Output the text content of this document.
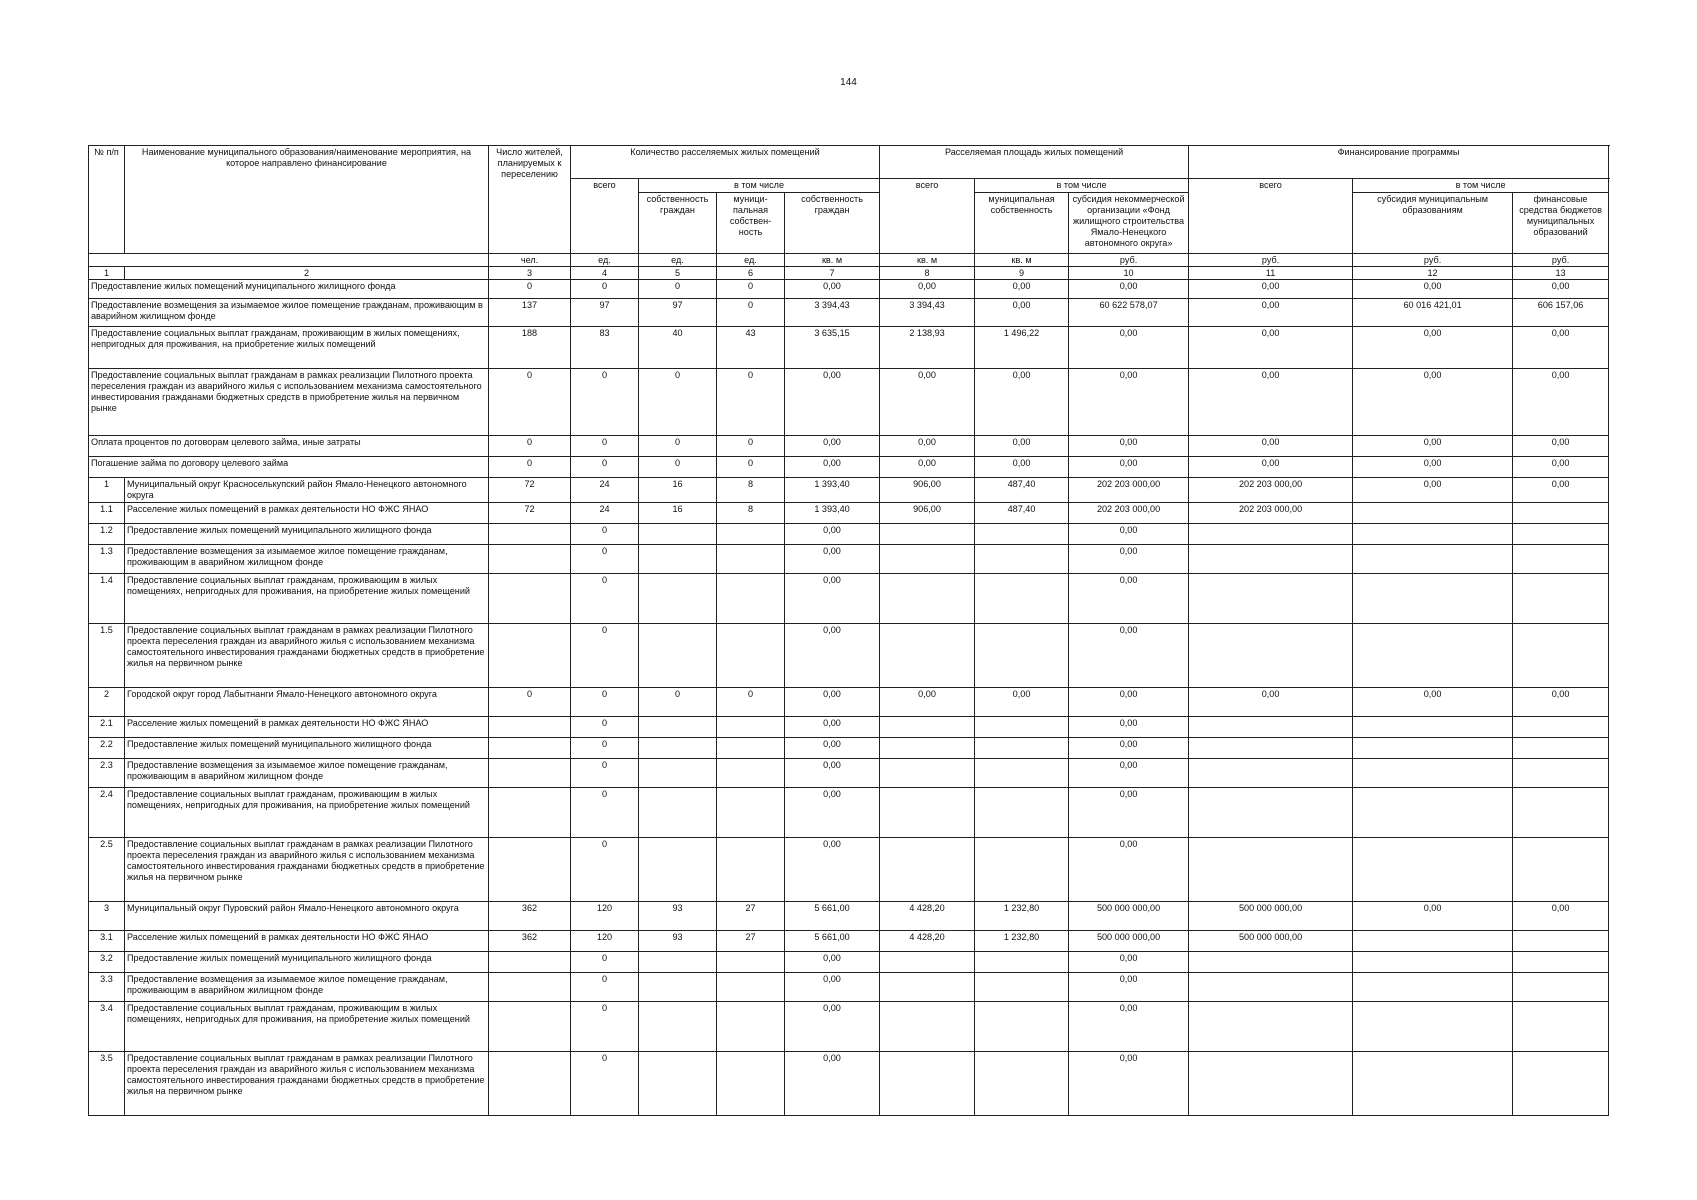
144
№ п/п	Наименование муниципального образования/наименование мероприятия, на которое направлено финансирование	Число жителей, планируемых к переселению	Количество расселяемых жилых помещений				Расселяемая площадь жилых помещений			Финансирование программы		
			всего	в том числе			всего	в том числе		всего	в том числе	
				собственность граждан	муници-пальная собствен-ность	собственность граждан		муниципальная собственность	субсидия некоммерческой организации «Фонд жилищного строительства Ямало-Ненецкого автономного округа»		субсидия муниципальным образованиям	финансовые средства бюджетов муниципальных образований
		чел.	ед.	ед.	ед.	кв. м	кв. м	кв. м	руб.	руб.	руб.	руб.
1	2	3	4	5	6	7	8	9	10	11	12	13
Предоставление жилых помещений муниципального жилищного фонда		0	0	0	0	0,00	0,00	0,00	0,00	0,00	0,00	0,00
Предоставление возмещения за изымаемое жилое помещение гражданам, проживающим в аварийном жилищном фонде		137	97	97	0	3 394,43	3 394,43	0,00	60 622 578,07	0,00	60 016 421,01	606 157,06
Предоставление социальных выплат гражданам, проживающим в жилых помещениях, непригодных для проживания, на приобретение жилых помещений		188	83	40	43	3 635,15	2 138,93	1 496,22	0,00	0,00	0,00	0,00
Предоставление социальных выплат гражданам в рамках реализации Пилотного проекта переселения граждан из аварийного жилья с использованием механизма самостоятельного инвестирования гражданами бюджетных средств в приобретение жилья на первичном рынке		0	0	0	0	0,00	0,00	0,00	0,00	0,00	0,00	0,00
Оплата процентов по договорам целевого займа, иные затраты		0	0	0	0	0,00	0,00	0,00	0,00	0,00	0,00	0,00
Погашение займа по договору целевого займа		0	0	0	0	0,00	0,00	0,00	0,00	0,00	0,00	0,00
1	Муниципальный округ Красноселькупский район Ямало-Ненецкого автономного округа	72	24	16	8	1 393,40	906,00	487,40	202 203 000,00	202 203 000,00	0,00	0,00
1.1	Расселение жилых помещений в рамках деятельности НО ФЖС ЯНАО	72	24	16	8	1 393,40	906,00	487,40	202 203 000,00	202 203 000,00		
1.2	Предоставление жилых помещений муниципального жилищного фонда		0			0,00			0,00			
1.3	Предоставление возмещения за изымаемое жилое помещение гражданам, проживающим в аварийном жилищном фонде		0			0,00			0,00			
1.4	Предоставление социальных выплат гражданам, проживающим в жилых помещениях, непригодных для проживания, на приобретение жилых помещений		0			0,00			0,00			
1.5	Предоставление социальных выплат гражданам в рамках реализации Пилотного проекта переселения граждан из аварийного жилья с использованием механизма самостоятельного инвестирования гражданами бюджетных средств в приобретение жилья на первичном рынке		0			0,00			0,00			
2	Городской округ город Лабытнанги Ямало-Ненецкого автономного округа	0	0	0	0	0,00	0,00	0,00	0,00	0,00	0,00	0,00
2.1	Расселение жилых помещений в рамках деятельности НО ФЖС ЯНАО		0			0,00			0,00			
2.2	Предоставление жилых помещений муниципального жилищного фонда		0			0,00			0,00			
2.3	Предоставление возмещения за изымаемое жилое помещение гражданам, проживающим в аварийном жилищном фонде		0			0,00			0,00			
2.4	Предоставление социальных выплат гражданам, проживающим в жилых помещениях, непригодных для проживания, на приобретение жилых помещений		0			0,00			0,00			
2.5	Предоставление социальных выплат гражданам в рамках реализации Пилотного проекта переселения граждан из аварийного жилья с использованием механизма самостоятельного инвестирования гражданами бюджетных средств в приобретение жилья на первичном рынке		0			0,00			0,00			
3	Муниципальный округ Пуровский район Ямало-Ненецкого автономного округа	362	120	93	27	5 661,00	4 428,20	1 232,80	500 000 000,00	500 000 000,00	0,00	0,00
3.1	Расселение жилых помещений в рамках деятельности НО ФЖС ЯНАО	362	120	93	27	5 661,00	4 428,20	1 232,80	500 000 000,00	500 000 000,00		
3.2	Предоставление жилых помещений муниципального жилищного фонда		0			0,00			0,00			
3.3	Предоставление возмещения за изымаемое жилое помещение гражданам, проживающим в аварийном жилищном фонде		0			0,00			0,00			
3.4	Предоставление социальных выплат гражданам, проживающим в жилых помещениях, непригодных для проживания, на приобретение жилых помещений		0			0,00			0,00			
3.5	Предоставление социальных выплат гражданам в рамках реализации Пилотного проекта переселения граждан из аварийного жилья с использованием механизма самостоятельного инвестирования гражданами бюджетных средств в приобретение жилья на первичном рынке		0			0,00			0,00			
